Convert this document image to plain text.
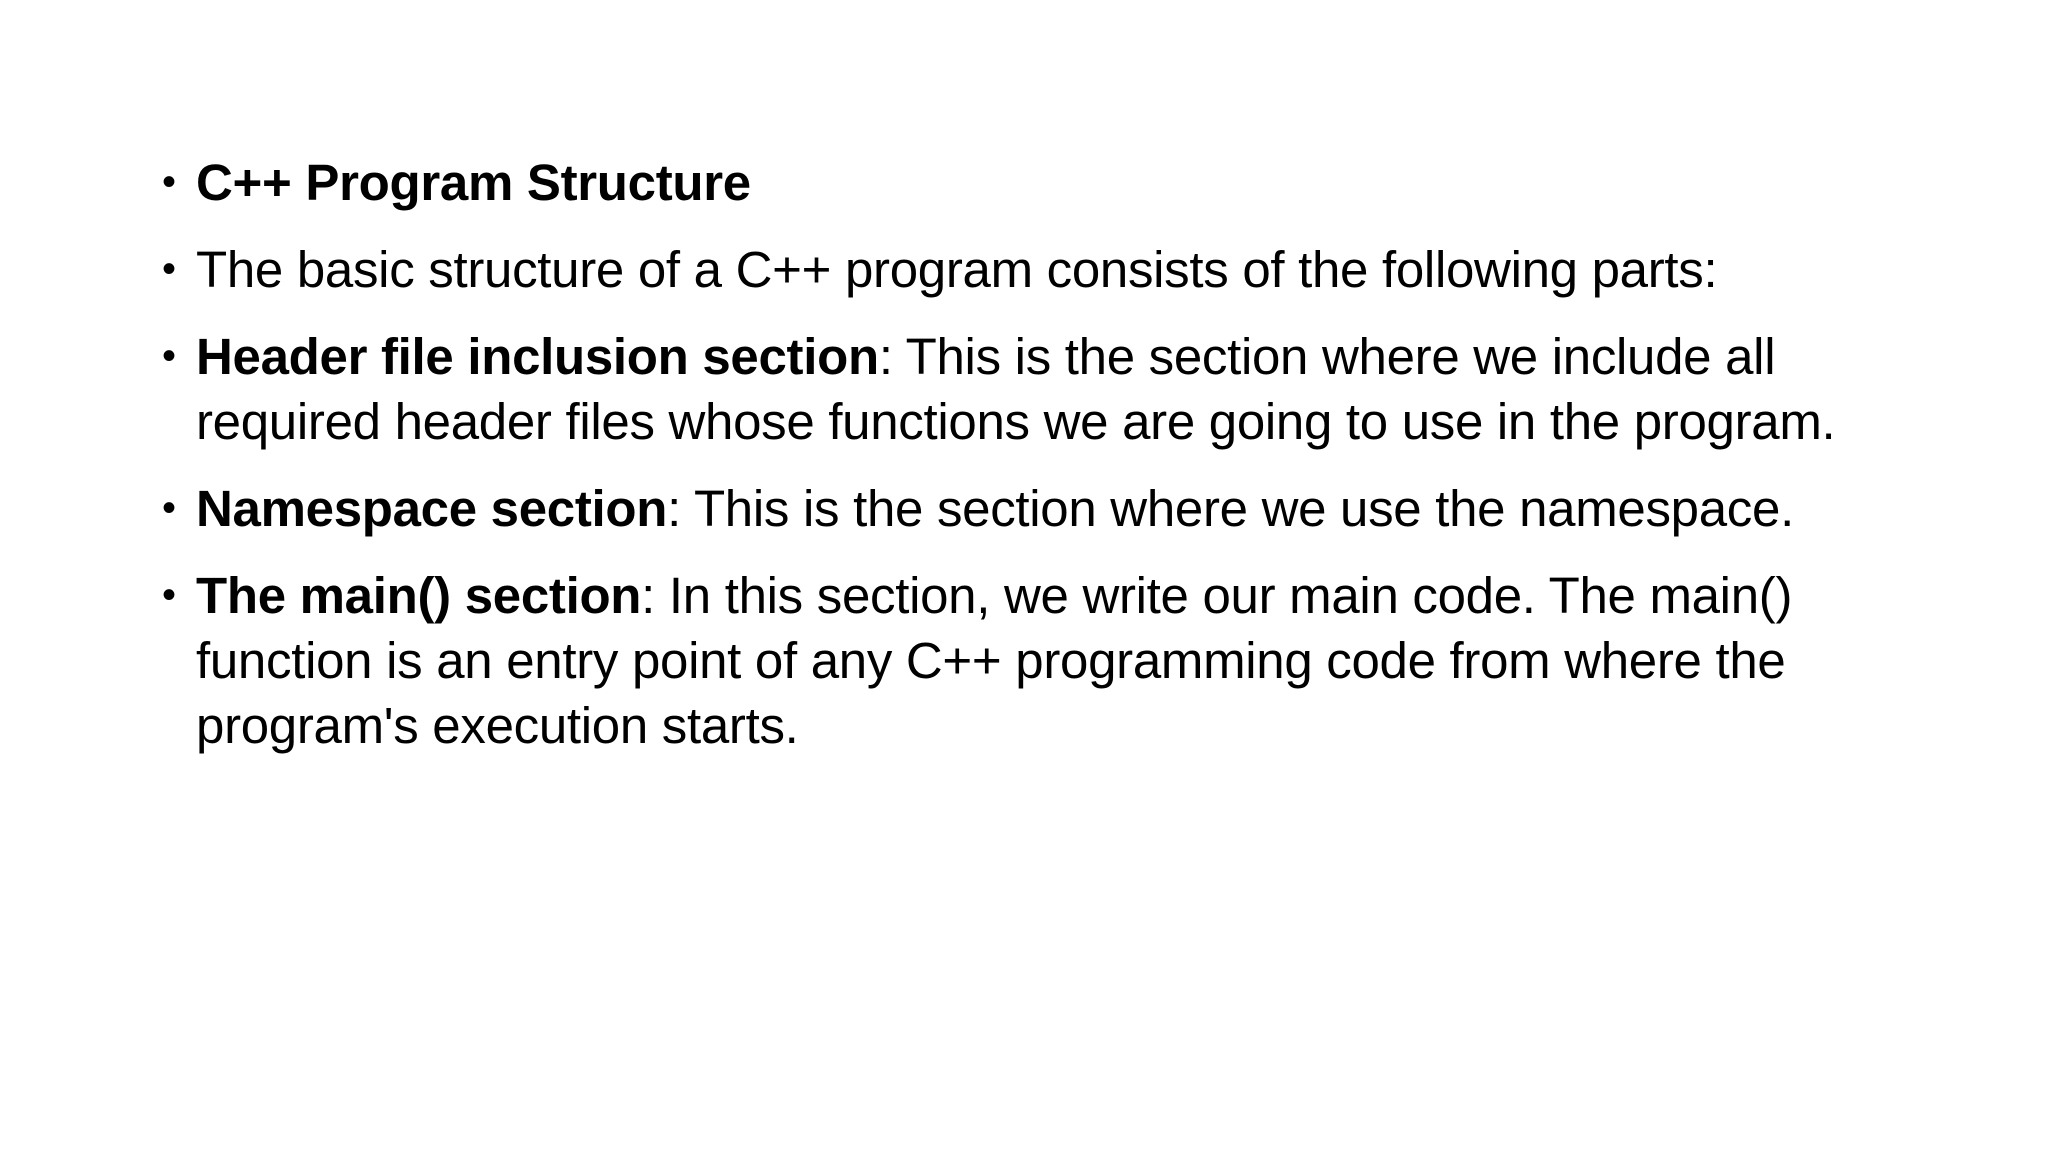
• C++ Program Structure
• The basic structure of a C++ program consists of the following parts:
• Header file inclusion section: This is the section where we include all required header files whose functions we are going to use in the program.
• Namespace section: This is the section where we use the namespace.
• The main() section: In this section, we write our main code. The main() function is an entry point of any C++ programming code from where the program's execution starts.
